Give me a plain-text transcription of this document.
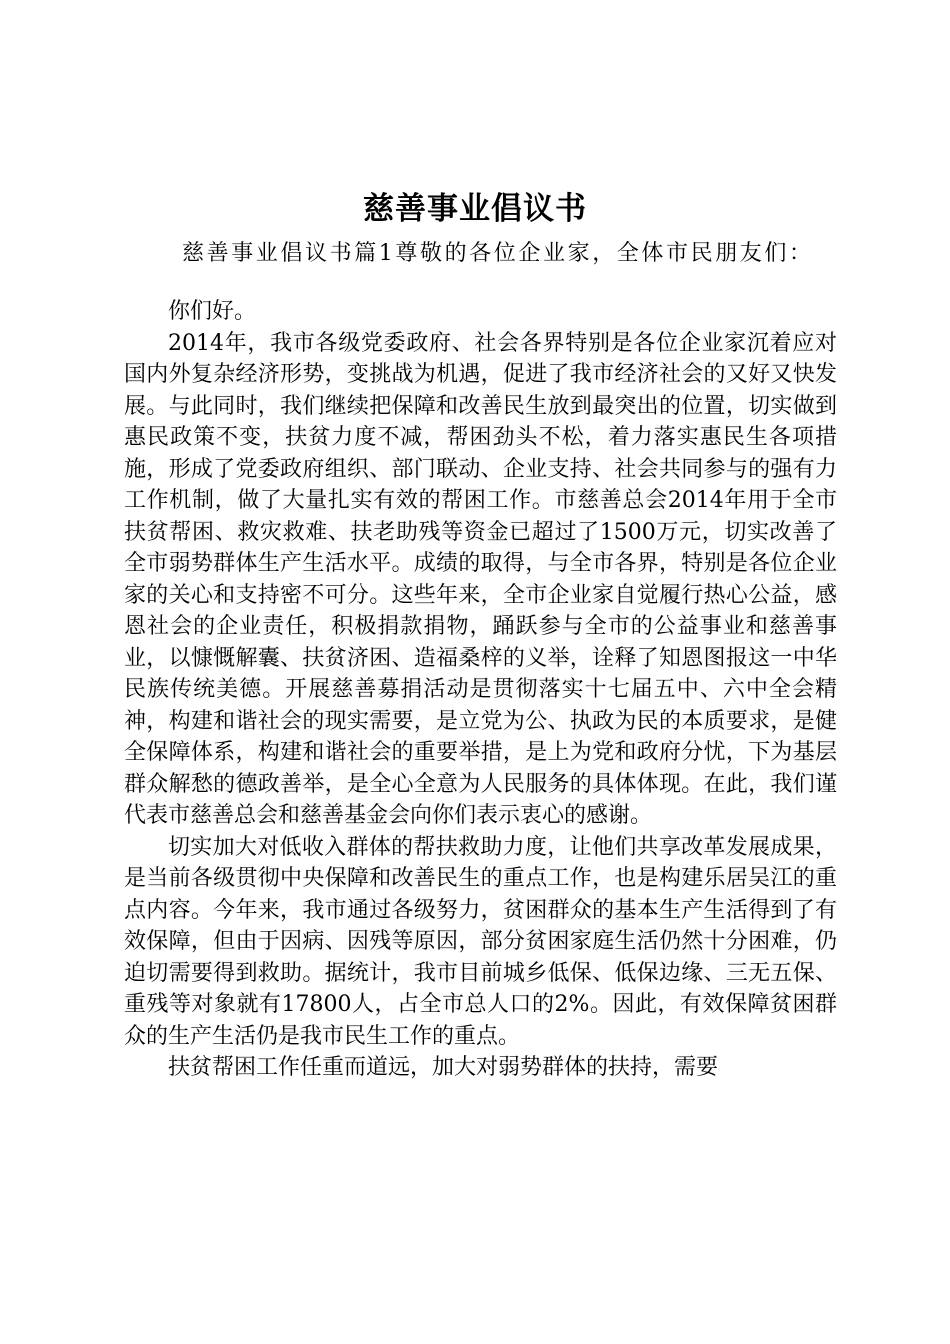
慈善事业倡议书
慈善事业倡议书篇1尊敬的各位企业家，全体市民朋友们：

你们好。

2014年，我市各级党委政府、社会各界特别是各位企业家沉着应对国内外复杂经济形势，变挑战为机遇，促进了我市经济社会的又好又快发展。与此同时，我们继续把保障和改善民生放到最突出的位置，切实做到惠民政策不变，扶贫力度不减，帮困劲头不松，着力落实惠民生各项措施，形成了党委政府组织、部门联动、企业支持、社会共同参与的强有力工作机制，做了大量扎实有效的帮困工作。市慈善总会2014年用于全市扶贫帮困、救灾救难、扶老助残等资金已超过了1500万元，切实改善了全市弱势群体生产生活水平。成绩的取得，与全市各界，特别是各位企业家的关心和支持密不可分。这些年来，全市企业家自觉履行热心公益，感恩社会的企业责任，积极捐款捐物，踊跃参与全市的公益事业和慈善事业，以慷慨解囊、扶贫济困、造福桑梓的义举，诠释了知恩图报这一中华民族传统美德。开展慈善募捐活动是贯彻落实十七届五中、六中全会精神，构建和谐社会的现实需要，是立党为公、执政为民的本质要求，是健全保障体系，构建和谐社会的重要举措，是上为党和政府分忧，下为基层群众解愁的德政善举，是全心全意为人民服务的具体体现。在此，我们谨代表市慈善总会和慈善基金会向你们表示衷心的感谢。

切实加大对低收入群体的帮扶救助力度，让他们共享改革发展成果，是当前各级贯彻中央保障和改善民生的重点工作，也是构建乐居吴江的重点内容。今年来，我市通过各级努力，贫困群众的基本生产生活得到了有效保障，但由于因病、因残等原因，部分贫困家庭生活仍然十分困难，仍迫切需要得到救助。据统计，我市目前城乡低保、低保边缘、三无五保、重残等对象就有17800人，占全市总人口的2%。因此，有效保障贫困群众的生产生活仍是我市民生工作的重点。

扶贫帮困工作任重而道远，加大对弱势群体的扶持，需要
